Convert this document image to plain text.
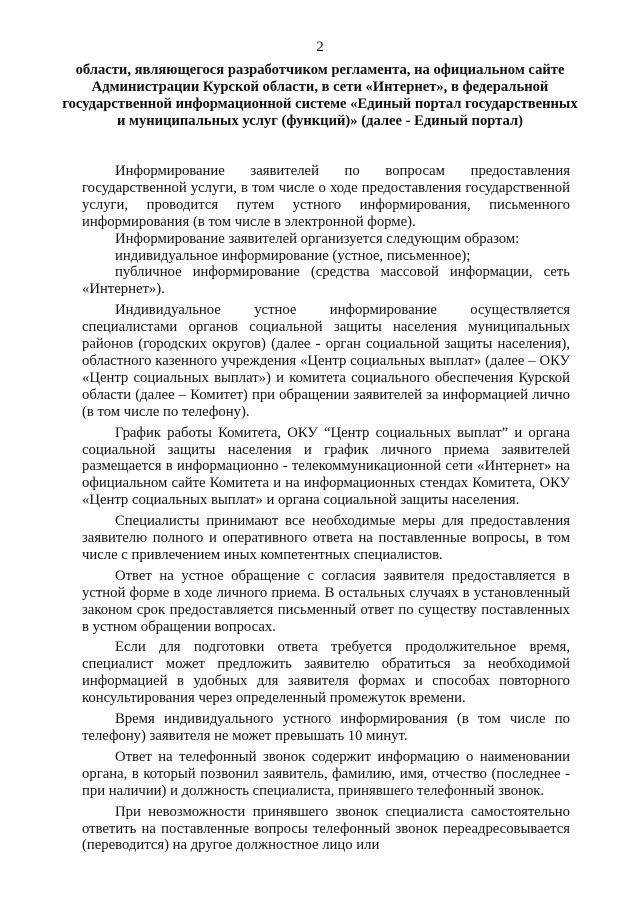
2
области, являющегося разработчиком регламента, на официальном сайте Администрации Курской области, в сети «Интернет», в федеральной государственной информационной системе «Единый портал государственных и муниципальных услуг (функций)» (далее - Единый портал)

Информирование заявителей по вопросам предоставления государственной услуги, в том числе о ходе предоставления государственной услуги, проводится путем устного информирования, письменного информирования (в том числе в электронной форме).

Информирование заявителей организуется следующим образом:

индивидуальное информирование (устное, письменное);

публичное информирование (средства массовой информации, сеть «Интернет»).

Индивидуальное устное информирование осуществляется специалистами органов социальной защиты населения муниципальных районов (городских округов) (далее - орган социальной защиты населения), областного казенного учреждения «Центр социальных выплат» (далее – ОКУ «Центр социальных выплат») и комитета социального обеспечения Курской области (далее – Комитет) при обращении заявителей за информацией лично (в том числе по телефону).

График работы Комитета, ОКУ “Центр социальных выплат” и органа социальной защиты населения и график личного приема заявителей размещается в информационно - телекоммуникационной сети «Интернет» на официальном сайте Комитета и на информационных стендах Комитета, ОКУ «Центр социальных выплат» и органа социальной защиты населения.

Специалисты принимают все необходимые меры для предоставления заявителю полного и оперативного ответа на поставленные вопросы, в том числе с привлечением иных компетентных специалистов.

Ответ на устное обращение с согласия заявителя предоставляется в устной форме в ходе личного приема. В остальных случаях в установленный законом срок предоставляется письменный ответ по существу поставленных в устном обращении вопросах.

Если для подготовки ответа требуется продолжительное время, специалист может предложить заявителю обратиться за необходимой информацией в удобных для заявителя формах и способах повторного консультирования через определенный промежуток времени.

Время индивидуального устного информирования (в том числе по телефону) заявителя не может превышать 10 минут.

Ответ на телефонный звонок содержит информацию о наименовании органа, в который позвонил заявитель, фамилию, имя, отчество (последнее - при наличии) и должность специалиста, принявшего телефонный звонок.

При невозможности принявшего звонок специалиста самостоятельно ответить на поставленные вопросы телефонный звонок переадресовывается (переводится) на другое должностное лицо или
